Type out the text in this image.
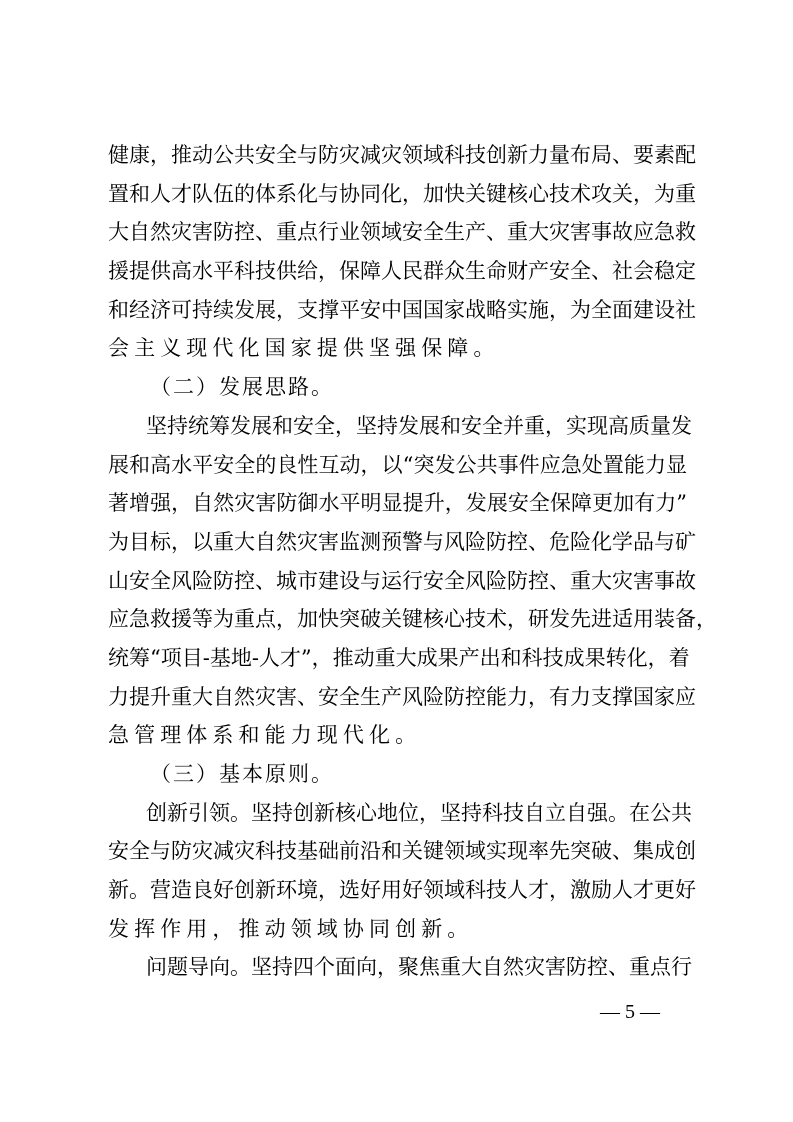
健康，推动公共安全与防灾减灾领域科技创新力量布局、要素配
置和人才队伍的体系化与协同化，加快关键核心技术攻关，为重
大自然灾害防控、重点行业领域安全生产、重大灾害事故应急救
援提供高水平科技供给，保障人民群众生命财产安全、社会稳定
和经济可持续发展，支撑平安中国国家战略实施，为全面建设社
会主义现代化国家提供坚强保障。
（二）发展思路。
坚持统筹发展和安全，坚持发展和安全并重，实现高质量发
展和高水平安全的良性互动，以“突发公共事件应急处置能力显
著增强，自然灾害防御水平明显提升，发展安全保障更加有力”
为目标，以重大自然灾害监测预警与风险防控、危险化学品与矿
山安全风险防控、城市建设与运行安全风险防控、重大灾害事故
应急救援等为重点，加快突破关键核心技术，研发先进适用装备，
统筹“项目-基地-人才”，推动重大成果产出和科技成果转化，着
力提升重大自然灾害、安全生产风险防控能力，有力支撑国家应
急管理体系和能力现代化。
（三）基本原则。
创新引领。坚持创新核心地位，坚持科技自立自强。在公共
安全与防灾减灾科技基础前沿和关键领域实现率先突破、集成创
新。营造良好创新环境，选好用好领域科技人才，激励人才更好
发挥作用，推动领域协同创新。
问题导向。坚持四个面向，聚焦重大自然灾害防控、重点行
— 5 —
